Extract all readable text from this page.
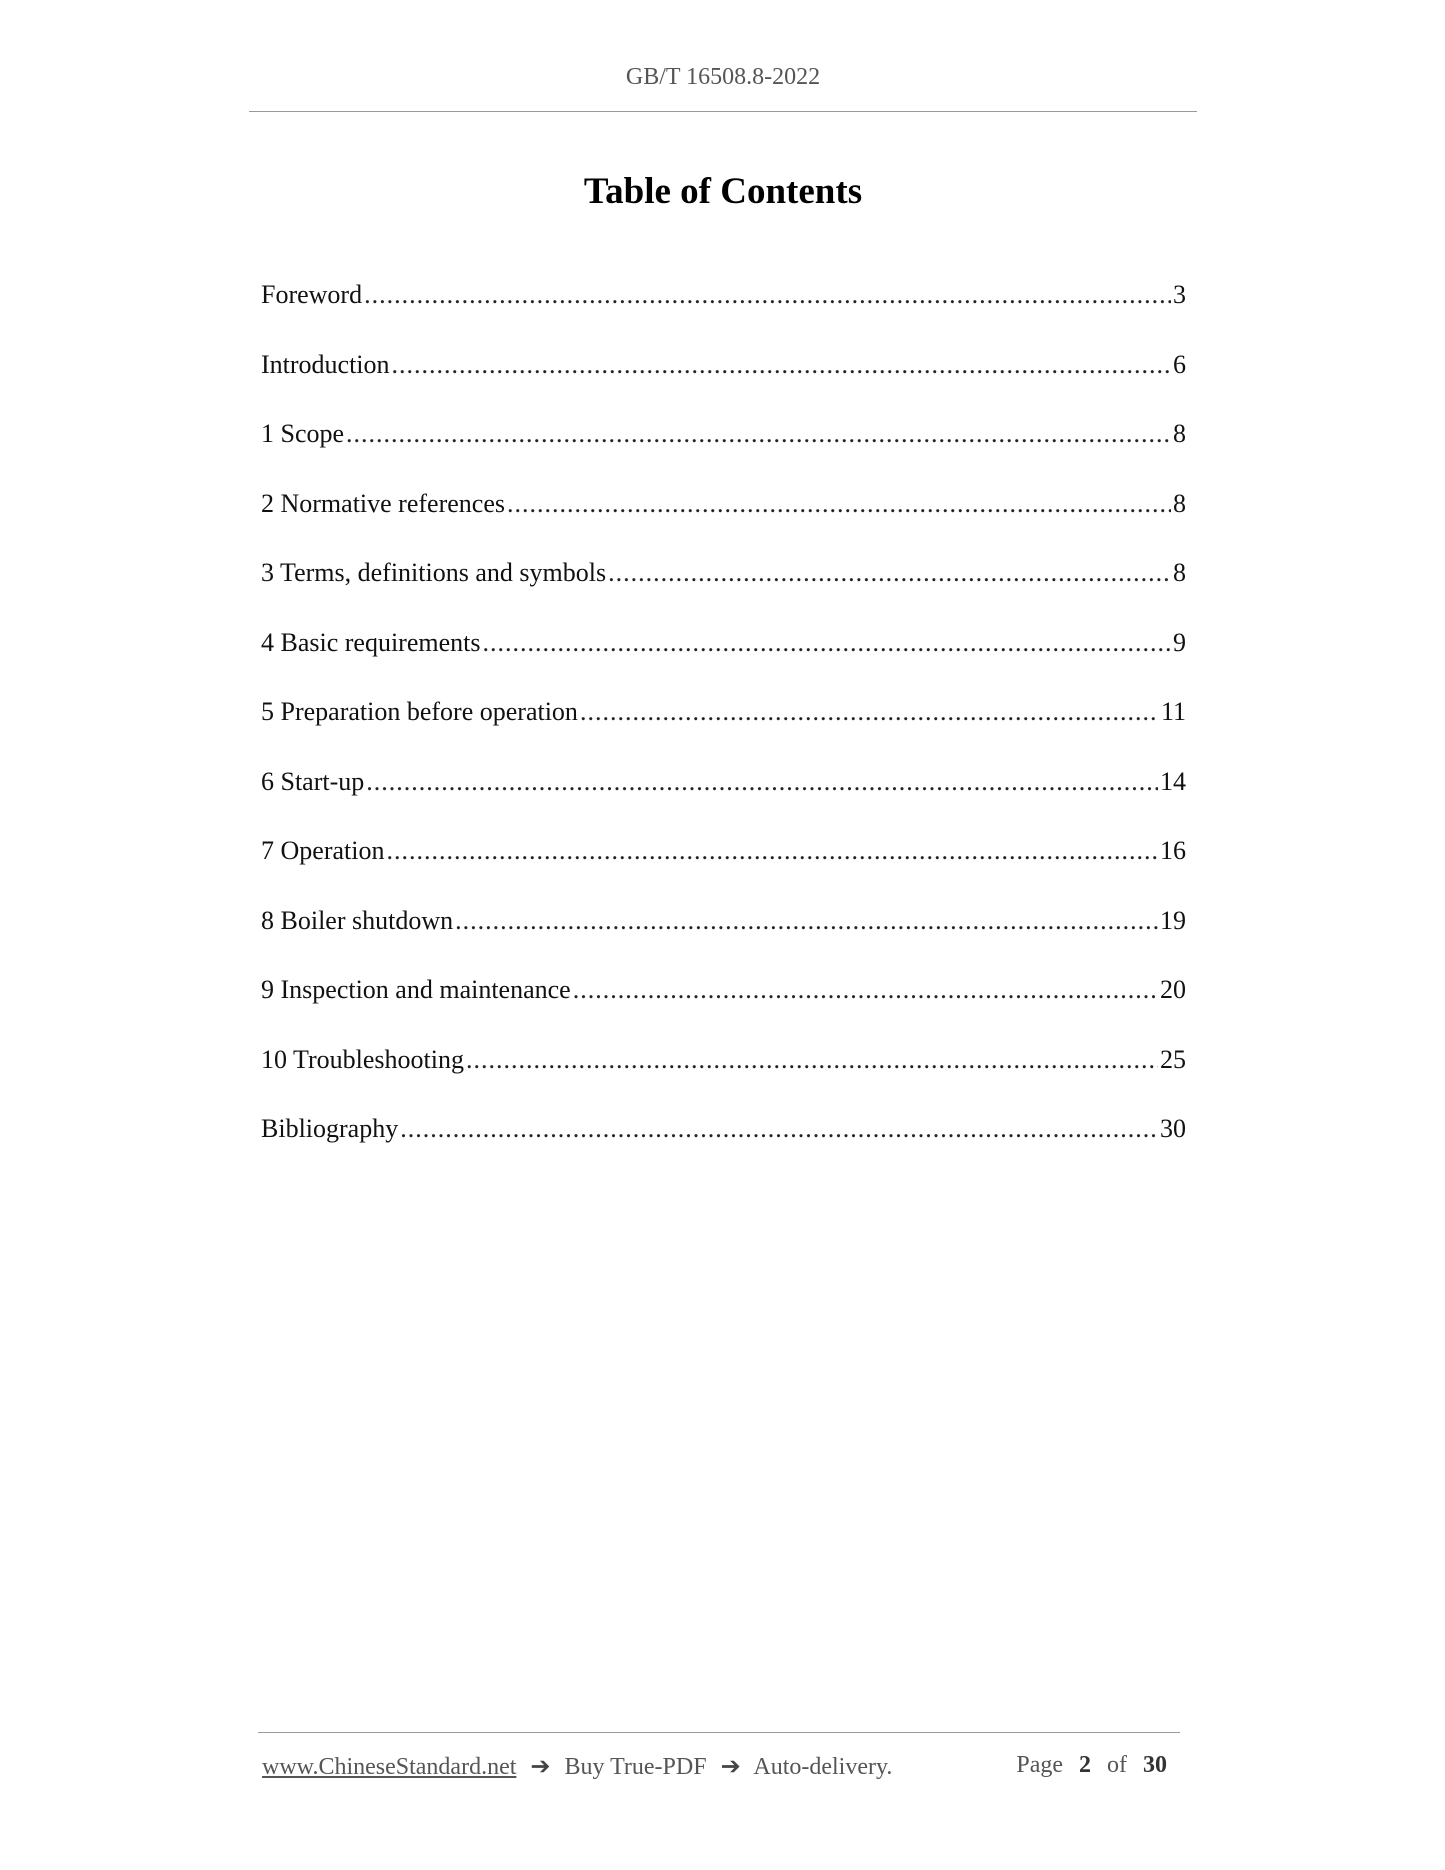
GB/T 16508.8-2022
Table of Contents
Foreword .....	3
Introduction .....	6
1 Scope .....	8
2 Normative references .....	8
3 Terms, definitions and symbols .....	8
4 Basic requirements .....	9
5 Preparation before operation .....	11
6 Start-up .....	14
7 Operation .....	16
8 Boiler shutdown .....	19
9 Inspection and maintenance .....	20
10 Troubleshooting .....	25
Bibliography .....	30
www.ChineseStandard.net ➔ Buy True-PDF ➔ Auto-delivery.	Page 2 of 30
